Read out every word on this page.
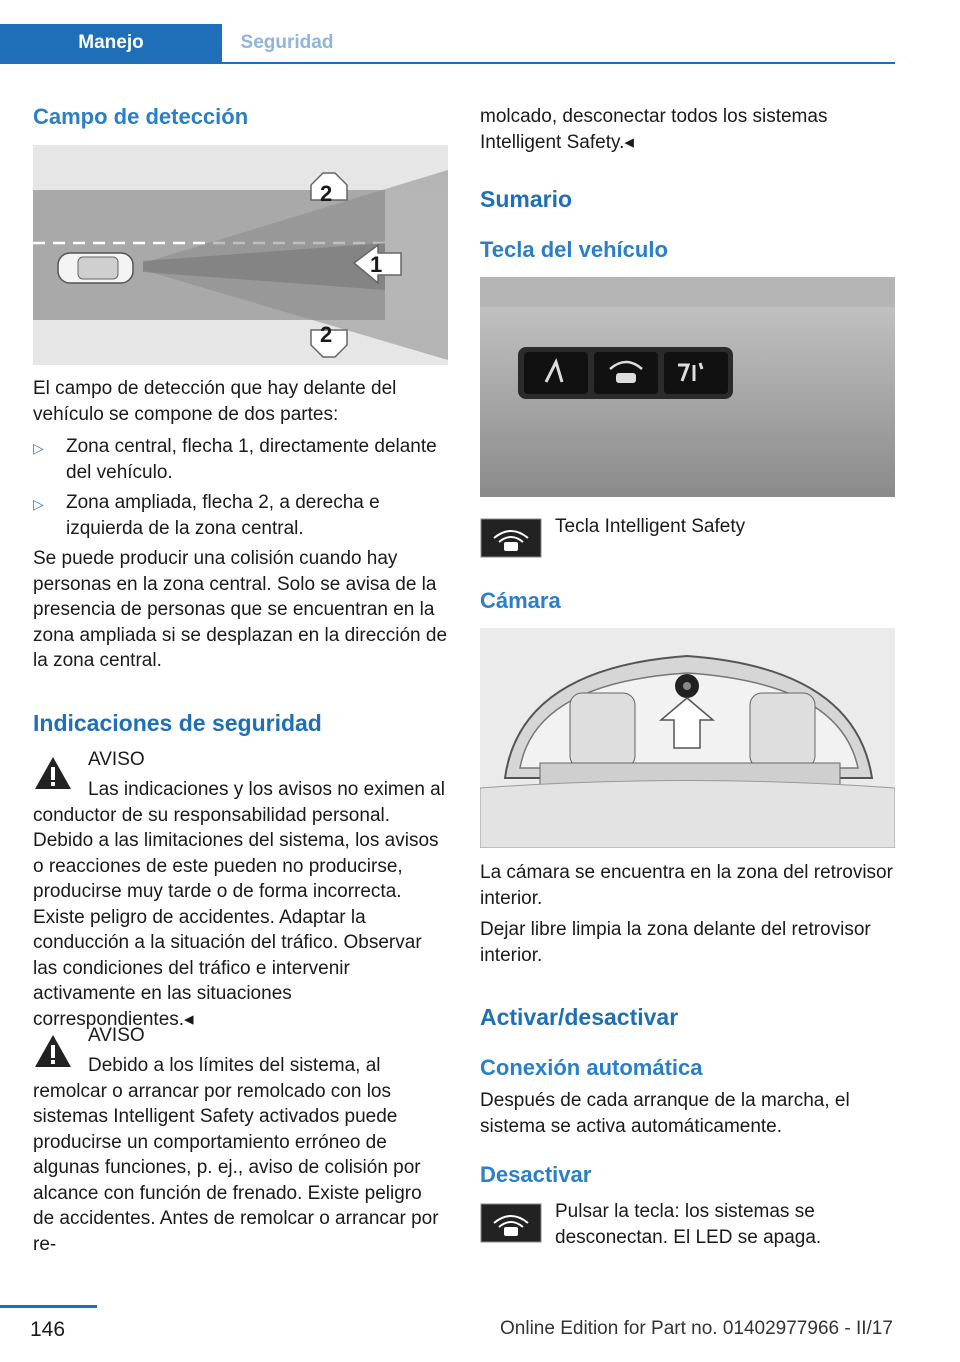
Manejo	Seguridad
Campo de detección
2
1
2
El campo de detección que hay delante del vehículo se compone de dos partes:
▷ Zona central, flecha 1, directamente delante del vehículo.
▷ Zona ampliada, flecha 2, a derecha e izquierda de la zona central.
Se puede producir una colisión cuando hay personas en la zona central. Solo se avisa de la presencia de personas que se encuentran en la zona ampliada si se desplazan en la dirección de la zona central.
Indicaciones de seguridad
AVISO
Las indicaciones y los avisos no eximen al conductor de su responsabilidad personal. Debido a las limitaciones del sistema, los avisos o reacciones de este pueden no producirse, producirse muy tarde o de forma incorrecta. Existe peligro de accidentes. Adaptar la conducción a la situación del tráfico. Observar las condiciones del tráfico e intervenir activamente en las situaciones correspondientes.◂
AVISO
Debido a los límites del sistema, al remolcar o arrancar por remolcado con los sistemas Intelligent Safety activados puede producirse un comportamiento erróneo de algunas funciones, p. ej., aviso de colisión por alcance con función de frenado. Existe peligro de accidentes. Antes de remolcar o arrancar por re-
molcado, desconectar todos los sistemas Intelligent Safety.◂
Sumario
Tecla del vehículo
Tecla Intelligent Safety
Cámara
La cámara se encuentra en la zona del retrovisor interior.
Dejar libre limpia la zona delante del retrovisor interior.
Activar/desactivar
Conexión automática
Después de cada arranque de la marcha, el sistema se activa automáticamente.
Desactivar
Pulsar la tecla: los sistemas se desconectan. El LED se apaga.
146	Online Edition for Part no. 01402977966 - II/17
